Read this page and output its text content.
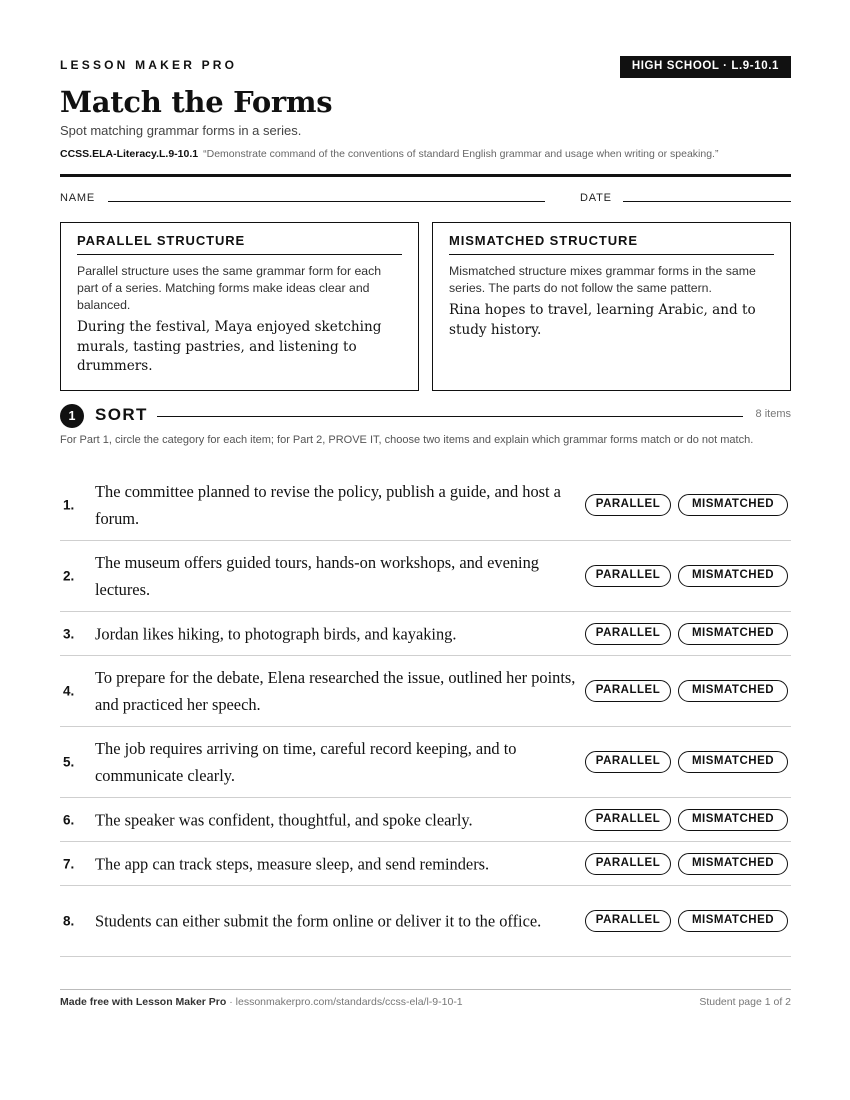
LESSON MAKER PRO	HIGH SCHOOL · L.9-10.1
Match the Forms
Spot matching grammar forms in a series.
CCSS.ELA-Literacy.L.9-10.1 “Demonstrate command of the conventions of standard English grammar and usage when writing or speaking.”
NAME	DATE
PARALLEL STRUCTURE

Parallel structure uses the same grammar form for each part of a series. Matching forms make ideas clear and balanced.

During the festival, Maya enjoyed sketching murals, tasting pastries, and listening to drummers.

MISMATCHED STRUCTURE

Mismatched structure mixes grammar forms in the same series. The parts do not follow the same pattern.

Rina hopes to travel, learning Arabic, and to study history.

1	SORT	8 items
For Part 1, circle the category for each item; for Part 2, PROVE IT, choose two items and explain which grammar forms match or do not match.
1.
The committee planned to revise the policy, publish a guide, and host a forum.
PARALLEL	MISMATCHED
2.
The museum offers guided tours, hands-on workshops, and evening lectures.
PARALLEL	MISMATCHED
3. Jordan likes hiking, to photograph birds, and kayaking.	PARALLEL	MISMATCHED
4.
To prepare for the debate, Elena researched the issue, outlined her points, and practiced her speech.
PARALLEL	MISMATCHED
5.
The job requires arriving on time, careful record keeping, and to communicate clearly.
PARALLEL	MISMATCHED
6. The speaker was confident, thoughtful, and spoke clearly.	PARALLEL	MISMATCHED
7. The app can track steps, measure sleep, and send reminders.	PARALLEL	MISMATCHED
8. Students can either submit the form online or deliver it to the office.	PARALLEL	MISMATCHED
Made free with Lesson Maker Pro · lessonmakerpro.com/standards/ccss-ela/l-9-10-1	Student page 1 of 2
